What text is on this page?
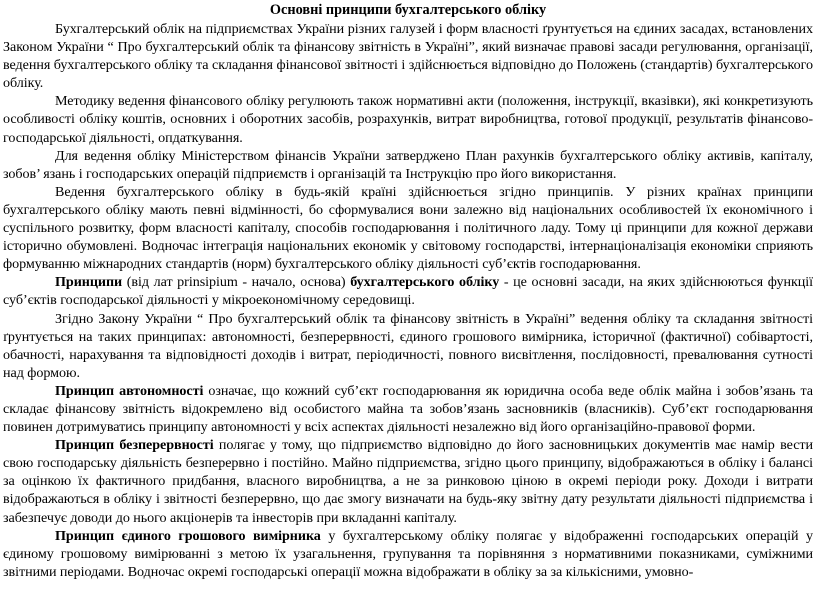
Основні принципи бухгалтерського обліку

Бухгалтерський облік на підприємствах України різних галузей і форм власності ґрунтується на єдиних засадах, встановлених Законом України “ Про бухгалтерський облік та фінансову звітність в Україні”, який визначає правові засади регулювання, організації, ведення бухгалтерського обліку та складання фінансової звітності і здійснюється відповідно до Положень (стандартів) бухгалтерського обліку.

Методику ведення фінансового обліку регулюють також нормативні акти (положення, інструкції, вказівки), які конкретизують особливості обліку коштів, основних і оборотних засобів, розрахунків, витрат виробництва, готової продукції, результатів фінансово-господарської діяльності, опдаткування.

Для ведення обліку Міністерством фінансів України затверджено План рахунків бухгалтерського обліку активів, капіталу, зобов’ язань і господарських операцій підприємств і організацій та Інструкцію про його використання.

Ведення бухгалтерського обліку в будь-якій країні здійснюється згідно принципів. У різних країнах принципи бухгалтерського обліку мають певні відмінності, бо сформувалися вони залежно від національних особливостей їх економічного і суспільного розвитку, форм власності капіталу, способів господарювання і політичного ладу. Тому ці принципи для кожної держави історично обумовлені. Водночас інтеграція національних економік у світовому господарстві, інтернаціоналізація економіки сприяють формуванню міжнародних стандартів (норм) бухгалтерського обліку діяльності суб’єктів господарювання.

Принципи (від лат prinsipium - начало, основа) бухгалтерського обліку - це основні засади, на яких здійснюються функції суб’єктів господарської діяльності у мікроекономічному середовищі.

Згідно Закону України “ Про бухгалтерський облік та фінансову звітність в Україні” ведення обліку та складання звітності ґрунтується на таких принципах: автономності, безперервності, єдиного грошового вимірника, історичної (фактичної) собівартості, обачності, нарахування та відповідності доходів і витрат, періодичності, повного висвітлення, послідовності, превалювання сутності над формою.

Принцип автономності означає, що кожний суб’єкт господарювання як юридична особа веде облік майна і зобов’язань та складає фінансову звітність відокремлено від особистого майна та зобов’язань засновників (власників). Суб’єкт господарювання повинен дотримуватись принципу автономності у всіх аспектах діяльності незалежно від його організаційно-правової форми.

Принцип безперервності полягає у тому, що підприємство відповідно до його засновницьких документів має намір вести свою господарську діяльність безперервно і постійно. Майно підприємства, згідно цього принципу, відображаються в обліку і балансі за оцінкою їх фактичного придбання, власного виробництва, а не за ринковою ціною в окремі періоди року. Доходи і витрати відображаються в обліку і звітності безперервно, що дає змогу визначати на будь-яку звітну дату результати діяльності підприємства і забезпечує доводи до нього акціонерів та інвесторів при вкладанні капіталу.

Принцип єдиного грошового вимірника у бухгалтерському обліку полягає у відображенні господарських операцій у єдиному грошовому вимірюванні з метою їх узагальнення, групування та порівняння з нормативними показниками, суміжними звітними періодами. Водночас окремі господарські операції можна відображати в обліку за за кількісними, умовно-
